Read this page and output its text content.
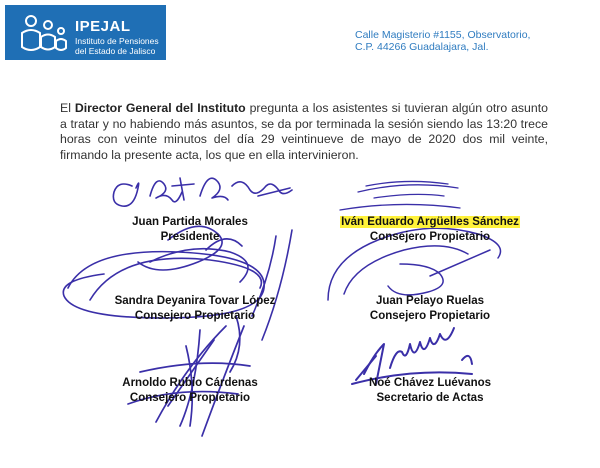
IPEJAL
Instituto de Pensiones
del Estado de Jalisco
Calle Magisterio #1155, Observatorio,
C.P. 44266 Guadalajara, Jal.
El Director General del Instituto pregunta a los asistentes si tuvieran algún otro asunto a tratar y no habiendo más asuntos, se da por terminada la sesión siendo las 13:20 trece horas con veinte minutos del día 29 veintinueve de mayo de 2020 dos mil veinte, firmando la presente acta, los que en ella intervinieron.
Juan Partida Morales
Presidente
Iván Eduardo Argüelles Sánchez
Consejero Propietario
Sandra Deyanira Tovar López
Consejero Propietario
Juan Pelayo Ruelas
Consejero Propietario
Arnoldo Rubio Cárdenas
Consejero Propietario
Noé Chávez Luévanos
Secretario de Actas
